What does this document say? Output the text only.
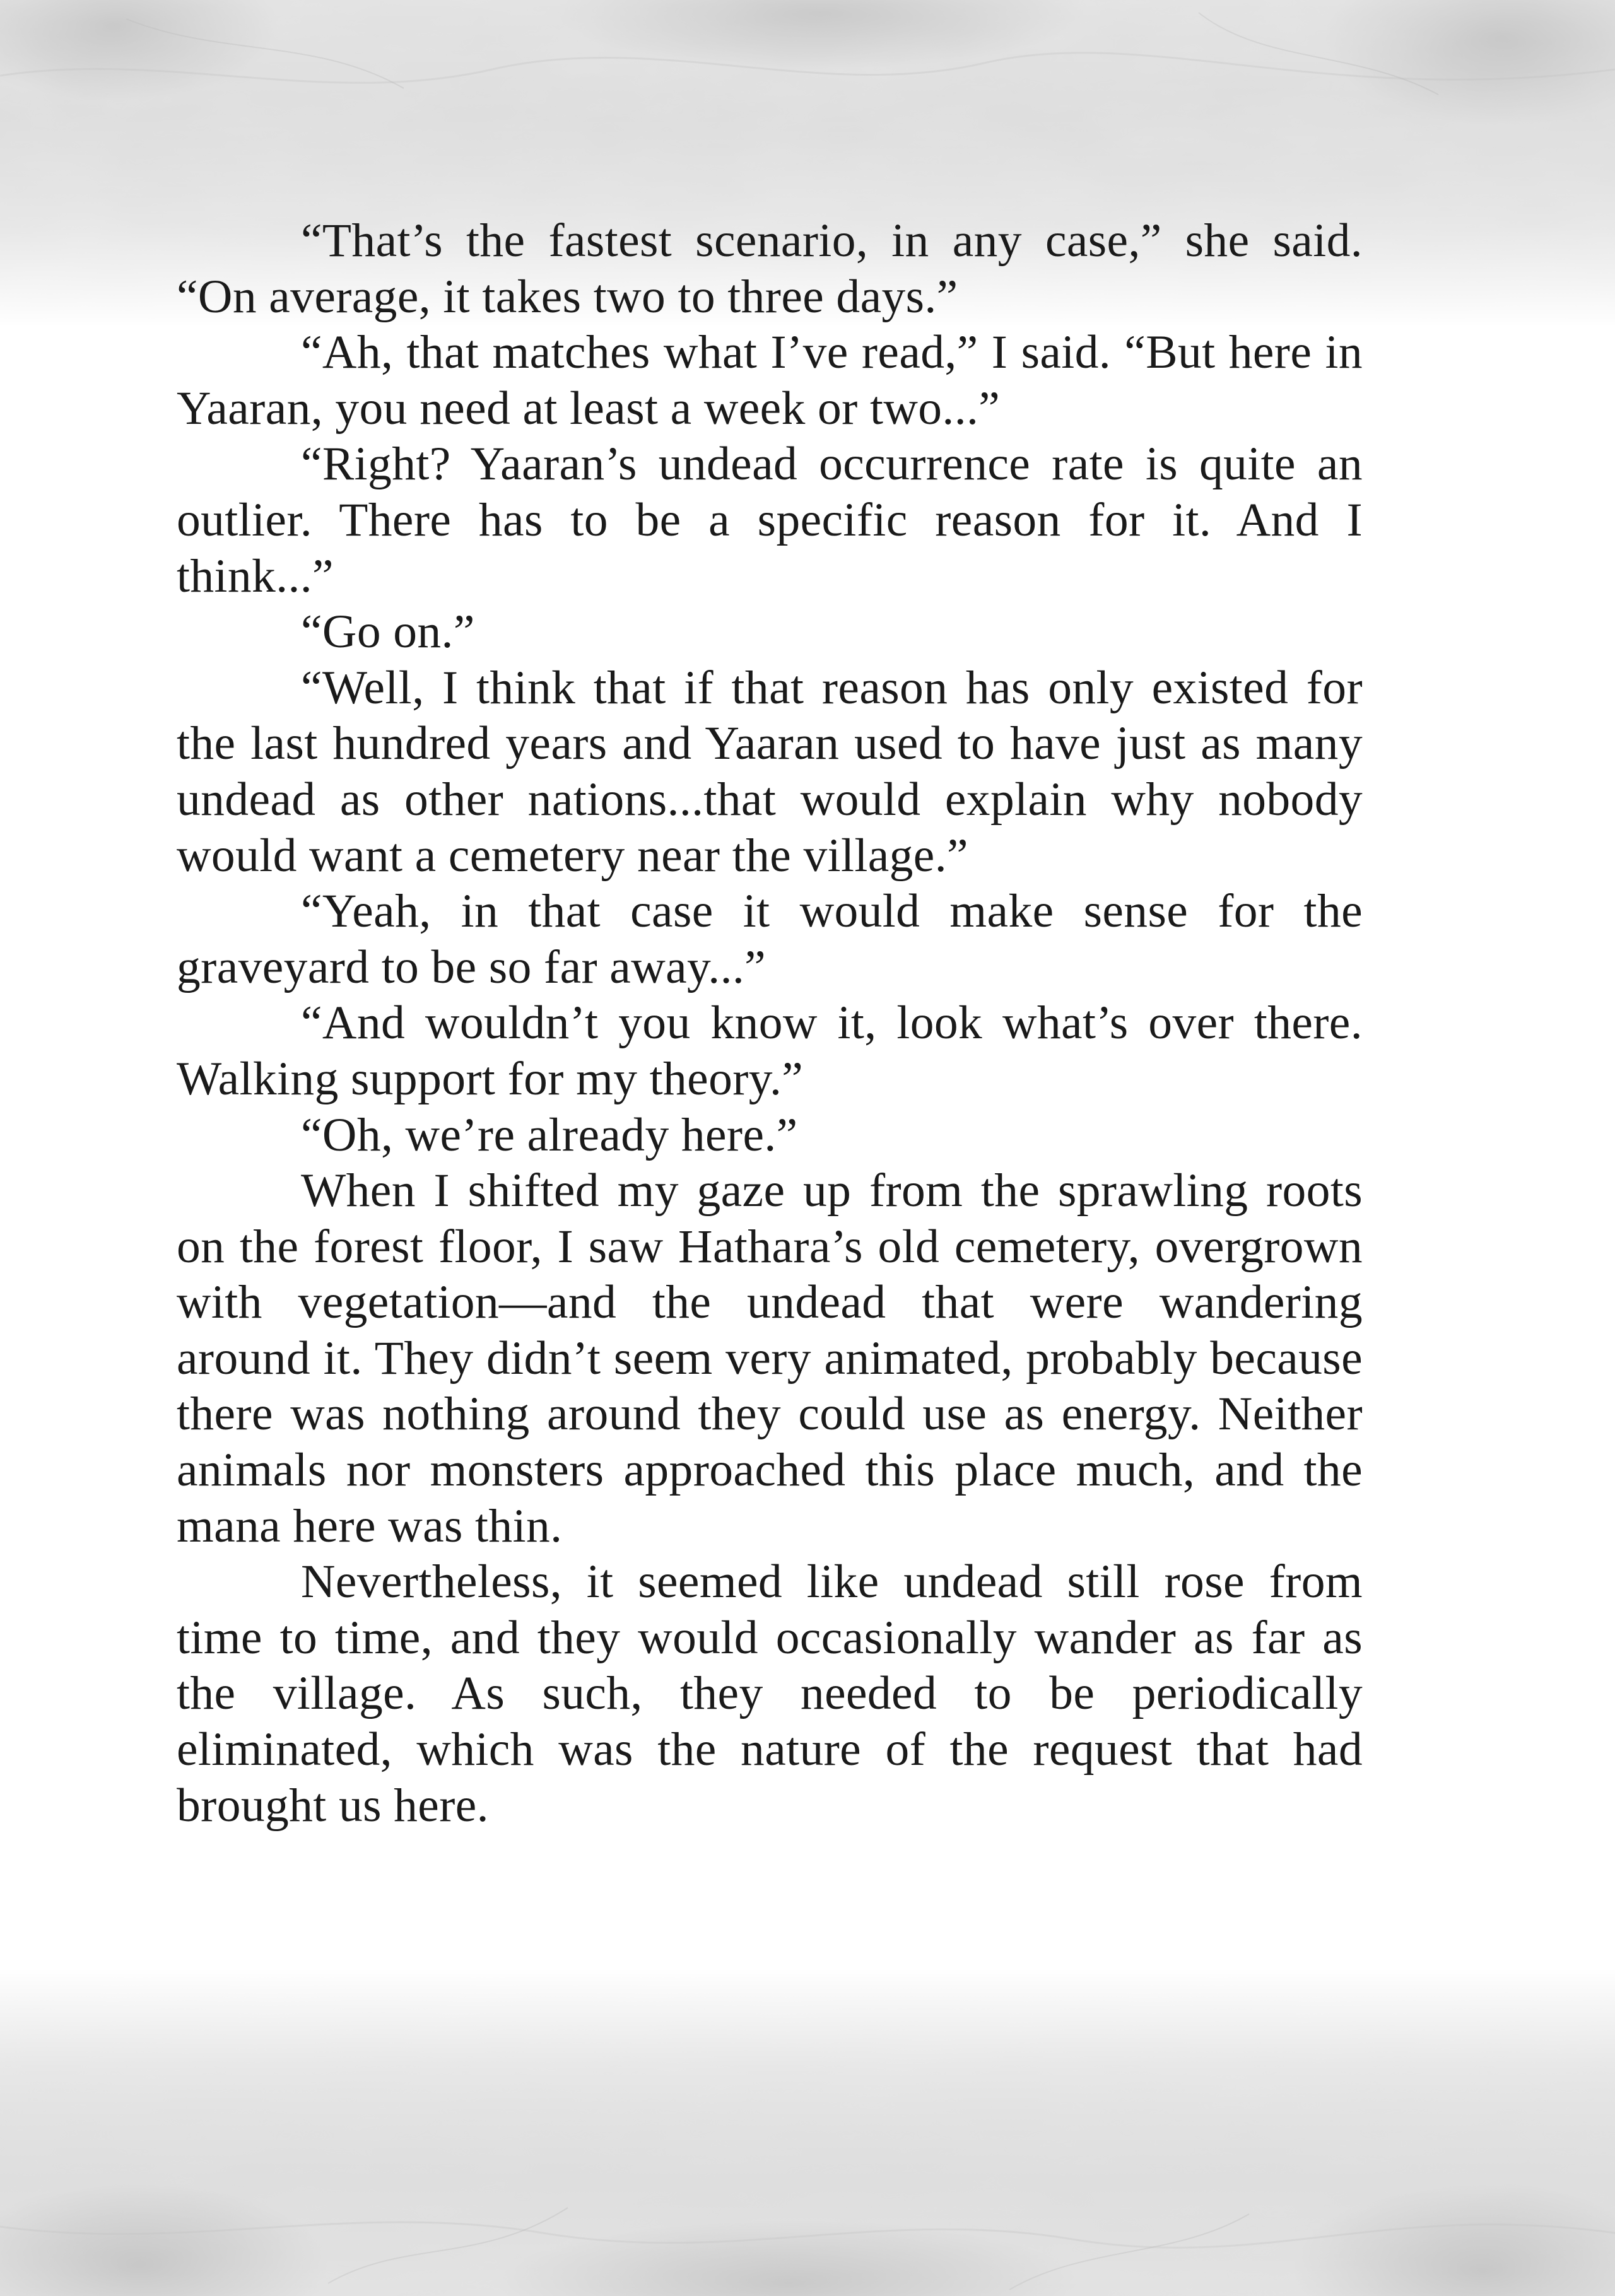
“That’s the fastest scenario, in any case,” she said. “On average, it takes two to three days.”

“Ah, that matches what I’ve read,” I said. “But here in Yaaran, you need at least a week or two...”

“Right? Yaaran’s undead occurrence rate is quite an outlier. There has to be a specific reason for it. And I think...”

“Go on.”

“Well, I think that if that reason has only existed for the last hundred years and Yaaran used to have just as many undead as other nations...that would explain why nobody would want a cemetery near the village.”

“Yeah, in that case it would make sense for the graveyard to be so far away...”

“And wouldn’t you know it, look what’s over there. Walking support for my theory.”

“Oh, we’re already here.”

When I shifted my gaze up from the sprawling roots on the forest floor, I saw Hathara’s old cemetery, overgrown with vegetation—and the undead that were wandering around it. They didn’t seem very animated, probably because there was nothing around they could use as energy. Neither animals nor monsters approached this place much, and the mana here was thin.

Nevertheless, it seemed like undead still rose from time to time, and they would occasionally wander as far as the village. As such, they needed to be periodically eliminated, which was the nature of the request that had brought us here.
